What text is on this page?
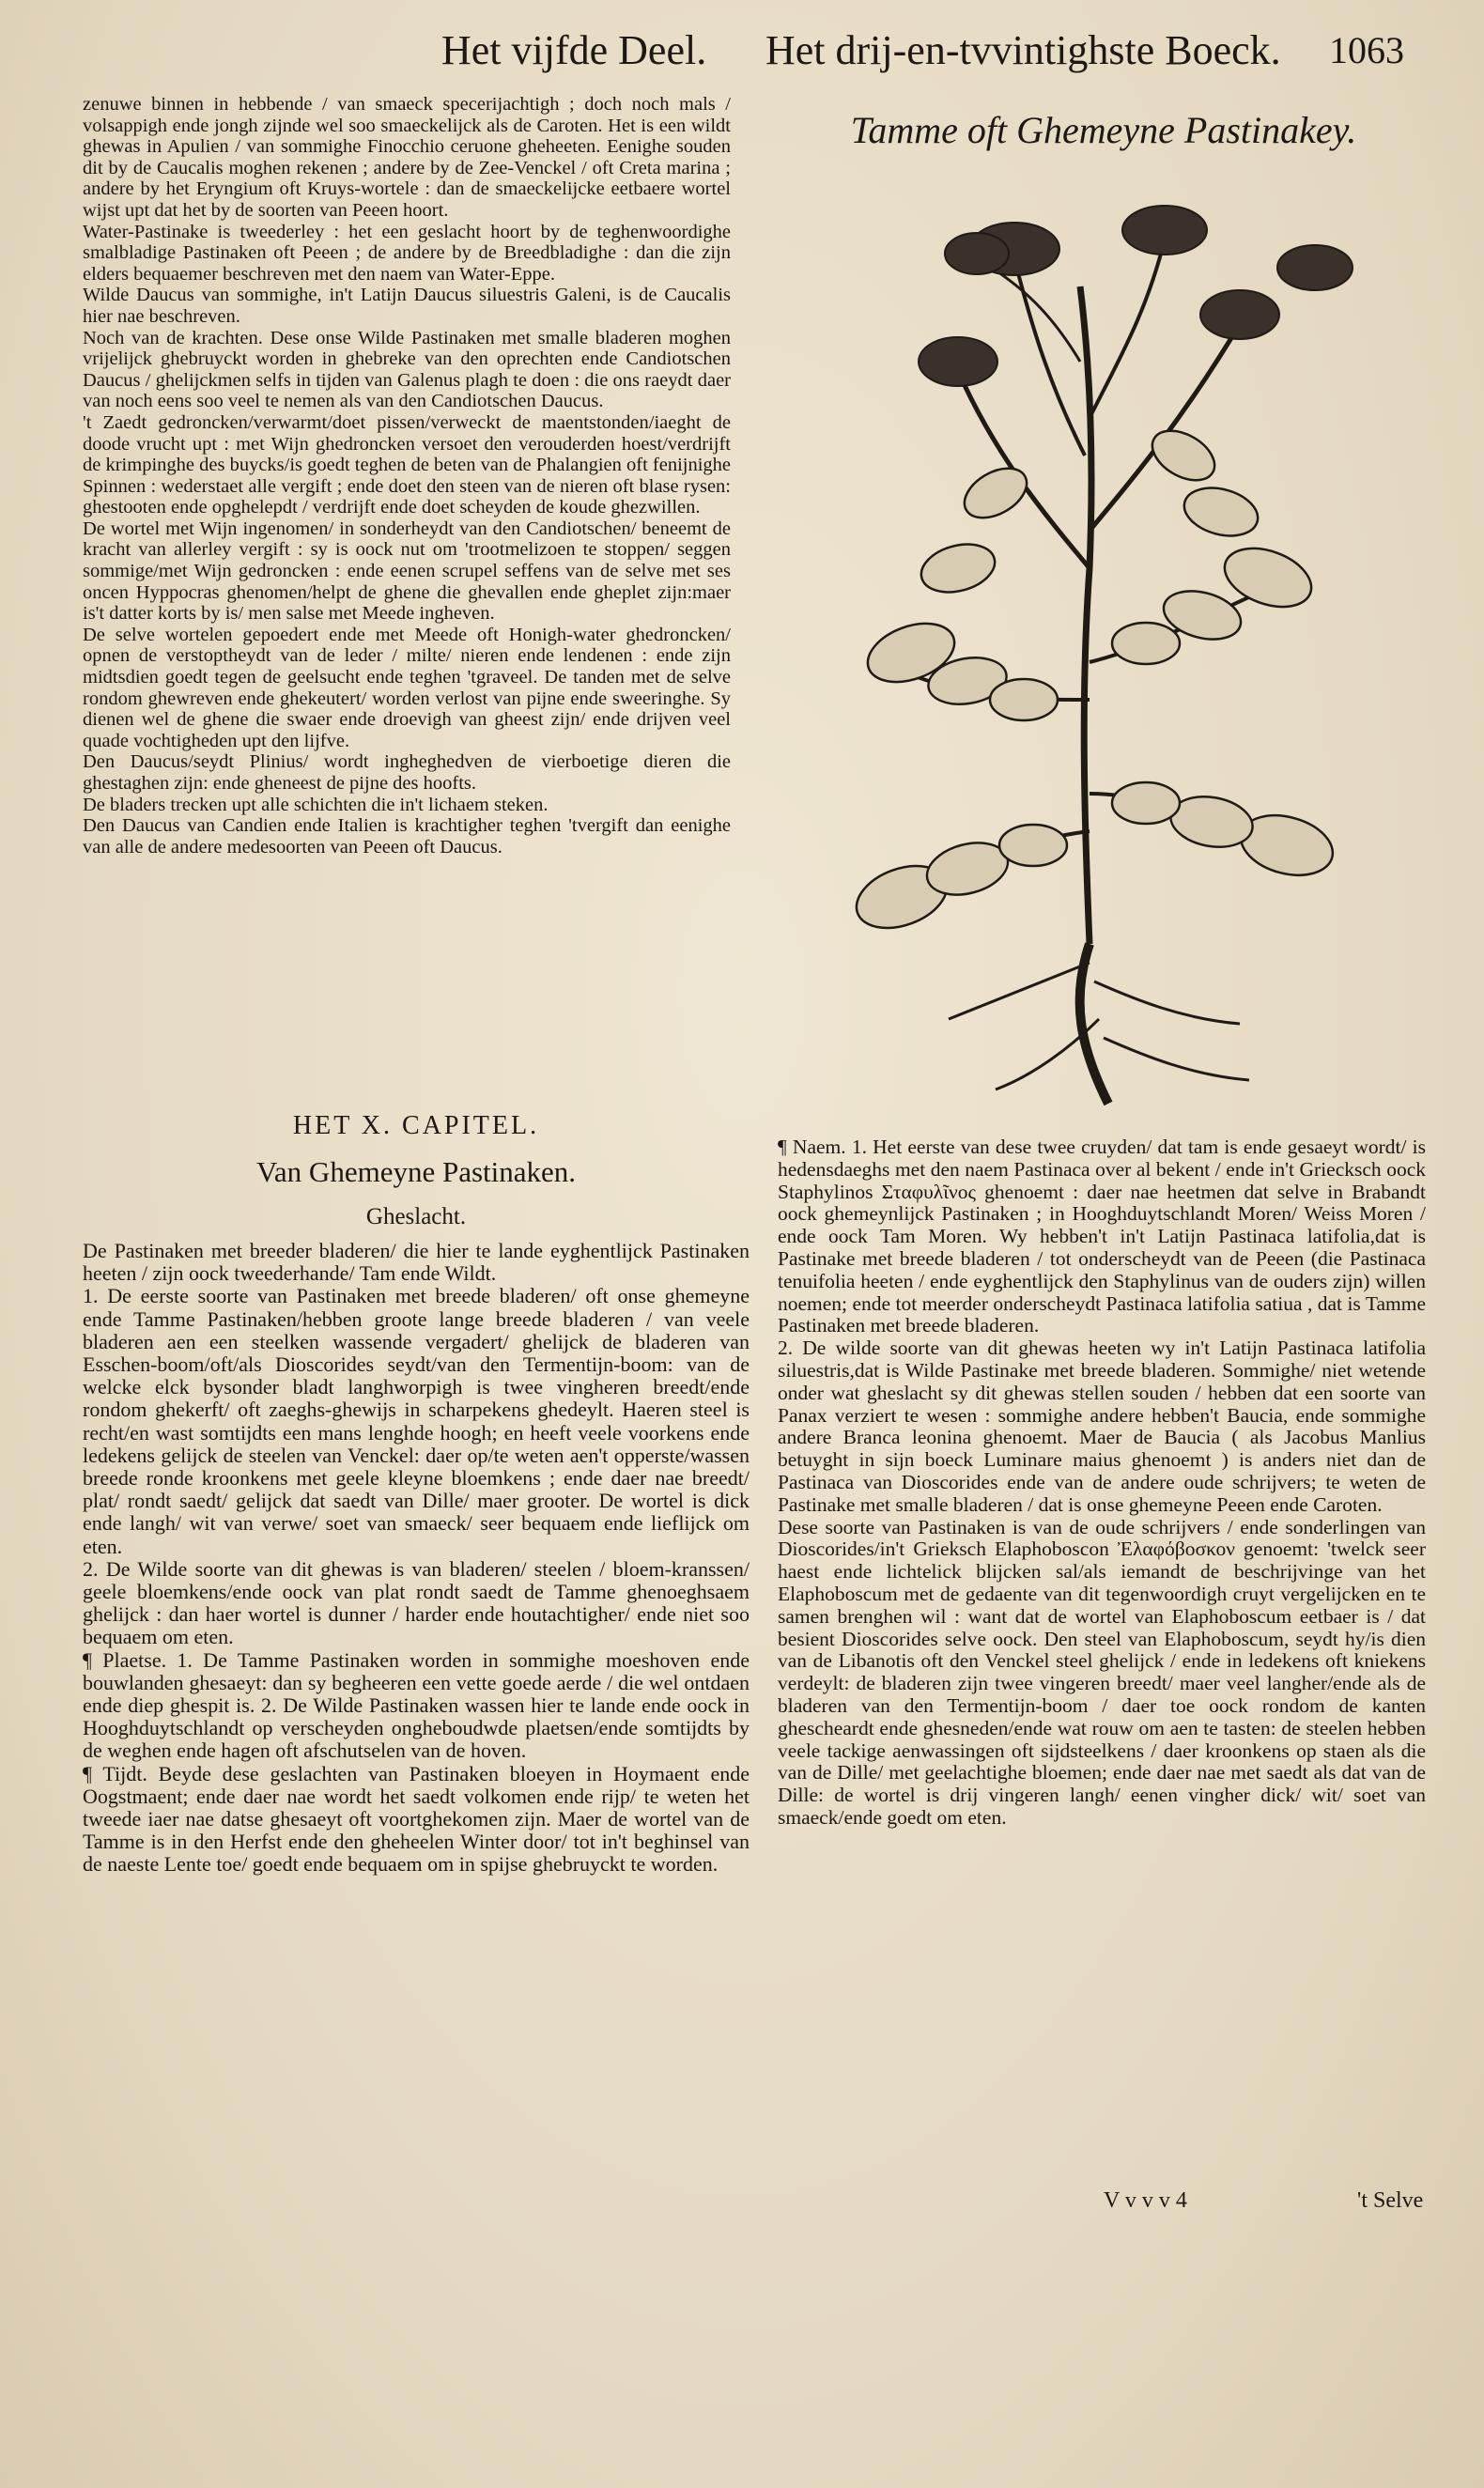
Het vijfde Deel. Het drij-en-tvvintighste Boeck. 1063

zenuwe binnen in hebbende / van smaeck specerijachtigh ; doch noch mals / volsappigh ende jongh zijnde wel soo smaeckelijck als de Caroten. Het is een wildt ghewas in Apulien / van sommighe Finocchio ceruone gheheeten. Eenighe souden dit by de Caucalis moghen rekenen ; andere by de Zee-Venckel / oft Creta marina ; andere by het Eryngium oft Kruys-wortele : dan de smaeckelijcke eetbaere wortel wijst upt dat het by de soorten van Peeen hoort.

Water-Pastinake is tweederley : het een geslacht hoort by de teghenwoordighe smalbladige Pastinaken oft Peeen ; de andere by de Breedbladighe : dan die zijn elders bequaemer beschreven met den naem van Water-Eppe.

Wilde Daucus van sommighe, in't Latijn Daucus siluestris Galeni, is de Caucalis hier nae beschreven.

Noch van de krachten. Dese onse Wilde Pastinaken met smalle bladeren moghen vrijelijck ghebruyckt worden in ghebreke van den oprechten ende Candiotschen Daucus / ghelijckmen selfs in tijden van Galenus plagh te doen : die ons raeydt daer van noch eens soo veel te nemen als van den Candiotschen Daucus.

't Zaedt gedroncken/verwarmt/doet pissen/verweckt de maentstonden/iaeght de doode vrucht upt : met Wijn ghedroncken versoet den verouderden hoest/verdrijft de krimpinghe des buycks/is goedt teghen de beten van de Phalangien oft fenijnighe Spinnen : wederstaet alle vergift ; ende doet den steen van de nieren oft blase rysen: ghestooten ende opghelepdt / verdrijft ende doet scheyden de koude ghezwillen.

De wortel met Wijn ingenomen/ in sonderheydt van den Candiotschen/ beneemt de kracht van allerley vergift : sy is oock nut om 'trootmelizoen te stoppen/ seggen sommige/met Wijn gedroncken : ende eenen scrupel seffens van de selve met ses oncen Hyppocras ghenomen/helpt de ghene die ghevallen ende gheplet zijn:maer is't datter korts by is/ men salse met Meede ingheven.

De selve wortelen gepoedert ende met Meede oft Honigh-water ghedroncken/ opnen de verstoptheydt van de leder / milte/ nieren ende lendenen : ende zijn midtsdien goedt tegen de geelsucht ende teghen 'tgraveel. De tanden met de selve rondom ghewreven ende ghekeutert/ worden verlost van pijne ende sweeringhe. Sy dienen wel de ghene die swaer ende droevigh van gheest zijn/ ende drijven veel quade vochtigheden upt den lijfve.

Den Daucus/seydt Plinius/ wordt ingheghedven de vierboetige dieren die ghestaghen zijn: ende gheneest de pijne des hoofts.

De bladers trecken upt alle schichten die in't lichaem steken.

Den Daucus van Candien ende Italien is krachtigher teghen 'tvergift dan eenighe van alle de andere medesoorten van Peeen oft Daucus.

HET X. CAPITEL.
Van Ghemeyne Pastinaken.
Gheslacht.

De Pastinaken met breeder bladeren/ die hier te lande eyghentlijck Pastinaken heeten / zijn oock tweederhande/ Tam ende Wildt.

1. De eerste soorte van Pastinaken met breede bladeren/ oft onse ghemeyne ende Tamme Pastinaken/hebben groote lange breede bladeren / van veele bladeren aen een steelken wassende vergadert/ ghelijck de bladeren van Esschen-boom/oft/als Dioscorides seydt/van den Termentijn-boom: van de welcke elck bysonder bladt langhworpigh is twee vingheren breedt/ende rondom ghekerft/ oft zaeghs-ghewijs in scharpekens ghedeylt. Haeren steel is recht/en wast somtijdts een mans lenghde hoogh; en heeft veele voorkens ende ledekens gelijck de steelen van Venckel: daer op/te weten aen't opperste/wassen breede ronde kroonkens met geele kleyne bloemkens ; ende daer nae breedt/ plat/ rondt saedt/ gelijck dat saedt van Dille/ maer grooter. De wortel is dick ende langh/ wit van verwe/ soet van smaeck/ seer bequaem ende lieflijck om eten.

2. De Wilde soorte van dit ghewas is van bladeren/ steelen / bloem-kranssen/ geele bloemkens/ende oock van plat rondt saedt de Tamme ghenoeghsaem ghelijck : dan haer wortel is dunner / harder ende houtachtigher/ ende niet soo bequaem om eten.

¶ Plaetse. 1. De Tamme Pastinaken worden in sommighe moeshoven ende bouwlanden ghesaeyt: dan sy begheeren een vette goede aerde / die wel ontdaen ende diep ghespit is. 2. De Wilde Pastinaken wassen hier te lande ende oock in Hooghduytschlandt op verscheyden ongheboudwde plaetsen/ende somtijdts by de weghen ende hagen oft afschutselen van de hoven.

¶ Tijdt. Beyde dese geslachten van Pastinaken bloeyen in Hoymaent ende Oogstmaent; ende daer nae wordt het saedt volkomen ende rijp/ te weten het tweede iaer nae datse ghesaeyt oft voortghekomen zijn. Maer de wortel van de Tamme is in den Herfst ende den gheheelen Winter door/ tot in't beghinsel van de naeste Lente toe/ goedt ende bequaem om in spijse ghebruyckt te worden.

Tamme oft Ghemeyne Pastinakey.

¶ Naem. 1. Het eerste van dese twee cruyden/ dat tam is ende gesaeyt wordt/ is hedensdaeghs met den naem Pastinaca over al bekent / ende in't Griecksch oock Staphylinos Σταφυλῖνος ghenoemt : daer nae heetmen dat selve in Brabandt oock ghemeynlijck Pastinaken ; in Hooghduytschlandt Moren/ Weiss Moren / ende oock Tam Moren. Wy hebben't in't Latijn Pastinaca latifolia,dat is Pastinake met breede bladeren / tot onderscheydt van de Peeen (die Pastinaca tenuifolia heeten / ende eyghentlijck den Staphylinus van de ouders zijn) willen noemen; ende tot meerder onderscheydt Pastinaca latifolia satiua , dat is Tamme Pastinaken met breede bladeren.

2. De wilde soorte van dit ghewas heeten wy in't Latijn Pastinaca latifolia siluestris,dat is Wilde Pastinake met breede bladeren. Sommighe/ niet wetende onder wat gheslacht sy dit ghewas stellen souden / hebben dat een soorte van Panax verziert te wesen : sommighe andere hebben't Baucia, ende sommighe andere Branca leonina ghenoemt. Maer de Baucia ( als Jacobus Manlius betuyght in sijn boeck Luminare maius ghenoemt ) is anders niet dan de Pastinaca van Dioscorides ende van de andere oude schrijvers; te weten de Pastinake met smalle bladeren / dat is onse ghemeyne Peeen ende Caroten.

Dese soorte van Pastinaken is van de oude schrijvers / ende sonderlingen van Dioscorides/in't Grieksch Elaphoboscon Ἐλαφόβοσκον genoemt: 'twelck seer haest ende lichtelick blijcken sal/als iemandt de beschrijvinge van het Elaphoboscum met de gedaente van dit tegenwoordigh cruyt vergelijcken en te samen brenghen wil : want dat de wortel van Elaphoboscum eetbaer is / dat besient Dioscorides selve oock. Den steel van Elaphoboscum, seydt hy/is dien van de Libanotis oft den Venckel steel ghelijck / ende in ledekens oft kniekens verdeylt: de bladeren zijn twee vingeren breedt/ maer veel langher/ende als de bladeren van den Termentijn-boom / daer toe oock rondom de kanten ghescheardt ende ghesneden/ende wat rouw om aen te tasten: de steelen hebben veele tackige aenwassingen oft sijdsteelkens / daer kroonkens op staen als die van de Dille/ met geelachtighe bloemen; ende daer nae met saedt als dat van de Dille: de wortel is drij vingeren langh/ eenen vingher dick/ wit/ soet van smaeck/ende goedt om eten.

V v v v 4	't Selve
